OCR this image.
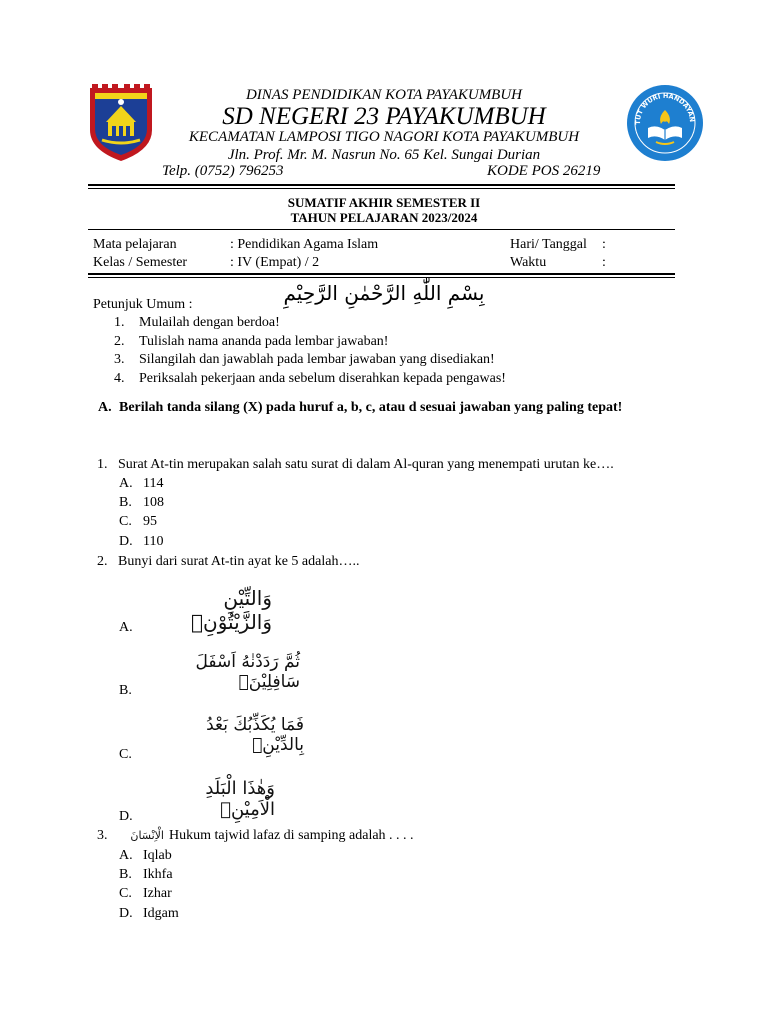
TUT WURI HANDAYAN
DINAS PENDIDIKAN KOTA PAYAKUMBUH
SD NEGERI 23 PAYAKUMBUH
KECAMATAN LAMPOSI TIGO NAGORI KOTA PAYAKUMBUH
Jln. Prof. Mr. M. Nasrun No. 65 Kel. Sungai Durian
Telp. (0752) 796253	KODE POS 26219
SUMATIF AKHIR SEMESTER II
TAHUN PELAJARAN 2023/2024
Mata pelajaran	: Pendidikan Agama Islam	Hari/ Tanggal :
Kelas / Semester	: IV (Empat) / 2	Waktu	:
بِسْمِ اللّٰهِ الرَّحْمٰنِ الرَّحِيْمِ
Petunjuk Umum :
1. Mulailah dengan berdoa!
2. Tulislah nama ananda pada lembar jawaban!
3. Silangilah dan jawablah pada lembar jawaban yang disediakan!
4. Periksalah pekerjaan anda sebelum diserahkan kepada pengawas!
A. Berilah tanda silang (X) pada huruf a, b, c, atau d sesuai jawaban yang paling tepat!
1. Surat At-tin merupakan salah satu surat di dalam Al-quran yang menempati urutan ke….
A. 114
B. 108
C. 95
D. 110
2. Bunyi dari surat At-tin ayat ke 5 adalah…..
وَالتِّيْنِ وَالزَّيْتُوْنِۙ
A.
ثُمَّ رَدَدْنٰهُ اَسْفَلَ سَافِلِيْنَۙ
B.
فَمَا يُكَذِّبُكَ بَعْدُ بِالدِّيْنِۗ
C.
وَهٰذَا الْبَلَدِ الْاَمِيْنِۙ
D.
3. الْاِنْسَانَ Hukum tajwid lafaz di samping adalah . . . .
A. Iqlab
B. Ikhfa
C. Izhar
D. Idgam
